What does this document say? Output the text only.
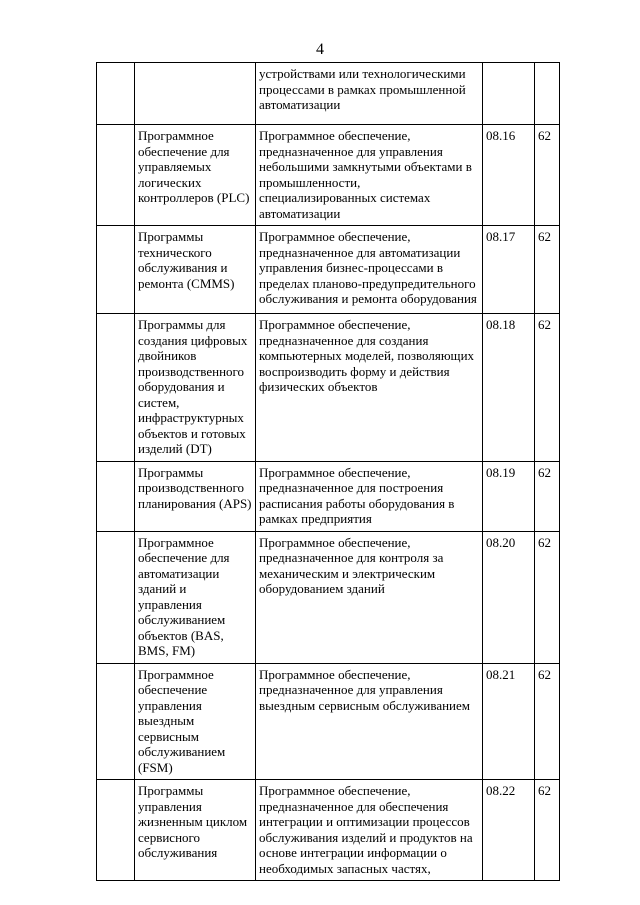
4
		устройствами или технологическими процессами в рамках промышленной автоматизации		
	Программное обеспечение для управляемых логических контроллеров (PLC)	Программное обеспечение, предназначенное для управления небольшими замкнутыми объектами в промышленности, специализированных системах автоматизации	08.16	62
	Программы технического обслуживания и ремонта (CMMS)	Программное обеспечение, предназначенное для автоматизации управления бизнес-процессами в пределах планово-предупредительного обслуживания и ремонта оборудования	08.17	62
	Программы для создания цифровых двойников производственного оборудования и систем, инфраструктурных объектов и готовых изделий (DT)	Программное обеспечение, предназначенное для создания компьютерных моделей, позволяющих воспроизводить форму и действия физических объектов	08.18	62
	Программы производственного планирования (APS)	Программное обеспечение, предназначенное для построения расписания работы оборудования в рамках предприятия	08.19	62
	Программное обеспечение для автоматизации зданий и управления обслуживанием объектов (BAS, BMS, FM)	Программное обеспечение, предназначенное для контроля за механическим и электрическим оборудованием зданий	08.20	62
	Программное обеспечение управления выездным сервисным обслуживанием (FSM)	Программное обеспечение, предназначенное для управления выездным сервисным обслуживанием	08.21	62
	Программы управления жизненным циклом сервисного обслуживания	Программное обеспечение, предназначенное для обеспечения интеграции и оптимизации процессов обслуживания изделий и продуктов на основе интеграции информации о необходимых запасных частях,	08.22	62
